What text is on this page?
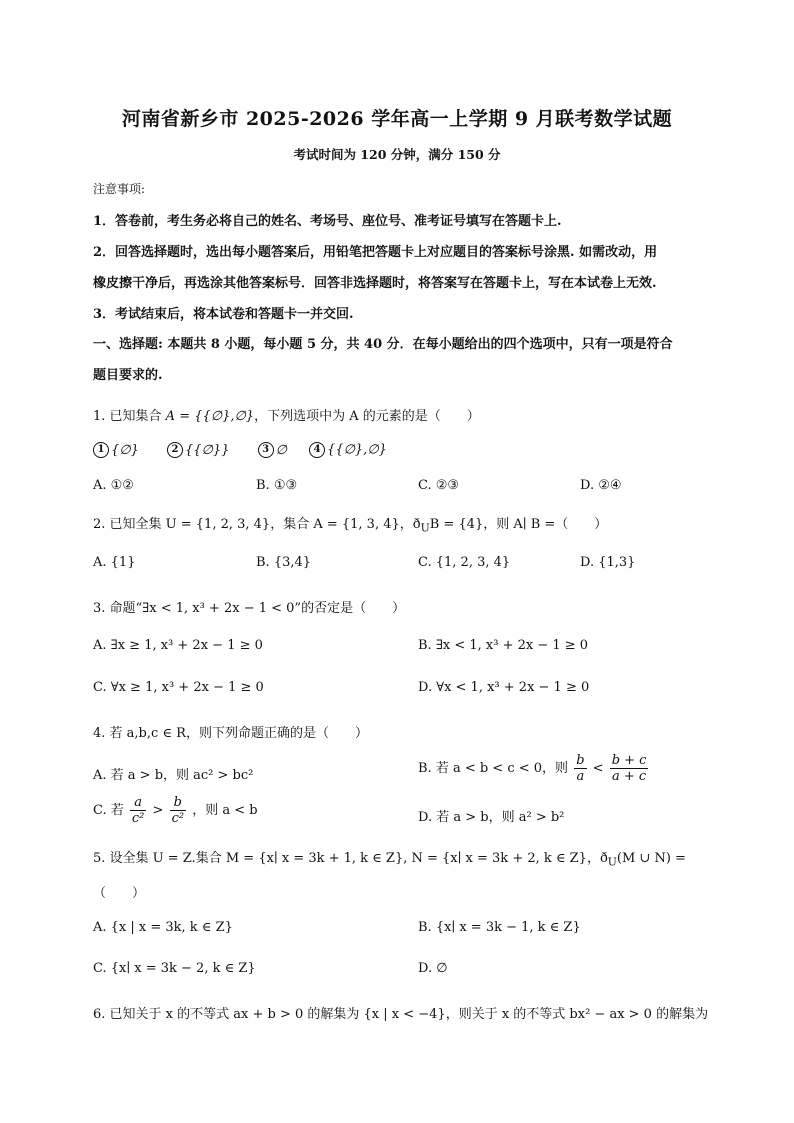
河南省新乡市 2025-2026 学年高一上学期 9 月联考数学试题
考试时间为 120 分钟，满分 150 分
注意事项:
1．答卷前，考生务必将自己的姓名、考场号、座位号、准考证号填写在答题卡上.
2．回答选择题时，选出每小题答案后，用铅笔把答题卡上对应题目的答案标号涂黑. 如需改动，用
橡皮擦干净后，再选涂其他答案标号．回答非选择题时，将答案写在答题卡上，写在本试卷上无效.
3．考试结束后，将本试卷和答题卡一并交回.
一、选择题: 本题共 8 小题，每小题 5 分，共 40 分．在每小题给出的四个选项中，只有一项是符合
题目要求的.
1. 已知集合 A = {{∅},∅}，下列选项中为 A 的元素的是（　　）
1 {∅}	2 {{∅}}	3 ∅	4 {{∅},∅}
A. ①②	B. ①③	C. ②③	D. ②④
2. 已知全集 U = {1, 2, 3, 4}，集合 A = {1, 3, 4}，$ð_UB = \{4\}$，则 A∣ B =（　　）
A. {1}	B. {3,4}	C. {1, 2, 3, 4}	D. {1,3}
3. 命题“∃x < 1, x³ + 2x − 1 < 0”的否定是（　　）
A. ∃x ≥ 1, x³ + 2x − 1 ≥ 0	B. ∃x < 1, x³ + 2x − 1 ≥ 0
C. ∀x ≥ 1, x³ + 2x − 1 ≥ 0	D. ∀x < 1, x³ + 2x − 1 ≥ 0
4. 若 a,b,c ∈ R，则下列命题正确的是（　　）
A. 若 a > b，则 ac² > bc²	B. 若 a < b < c < 0，则 $\frac{b}{a} < \frac{b + c}{a + c}$
C. 若 $\frac{a}{\text{c²}} > \frac{b}{\text{c²}}$ ，则 a < b	D. 若 a > b，则 a² > b²
5. 设全集 U = Z.集合 M = {x∣ x = 3k + 1, k ∈ Z}, N = {x∣ x = 3k + 2, k ∈ Z}，$ð_U(M$ ∪ N) =
（　　）
A. {x | x = 3k, k ∈ Z}	B. {x∣ x = 3k − 1, k ∈ Z}
C. {x∣ x = 3k − 2, k ∈ Z}	D. ∅
6. 已知关于 x 的不等式 ax + b > 0 的解集为 {x | x < −4}，则关于 x 的不等式 bx² − ax > 0 的解集为
